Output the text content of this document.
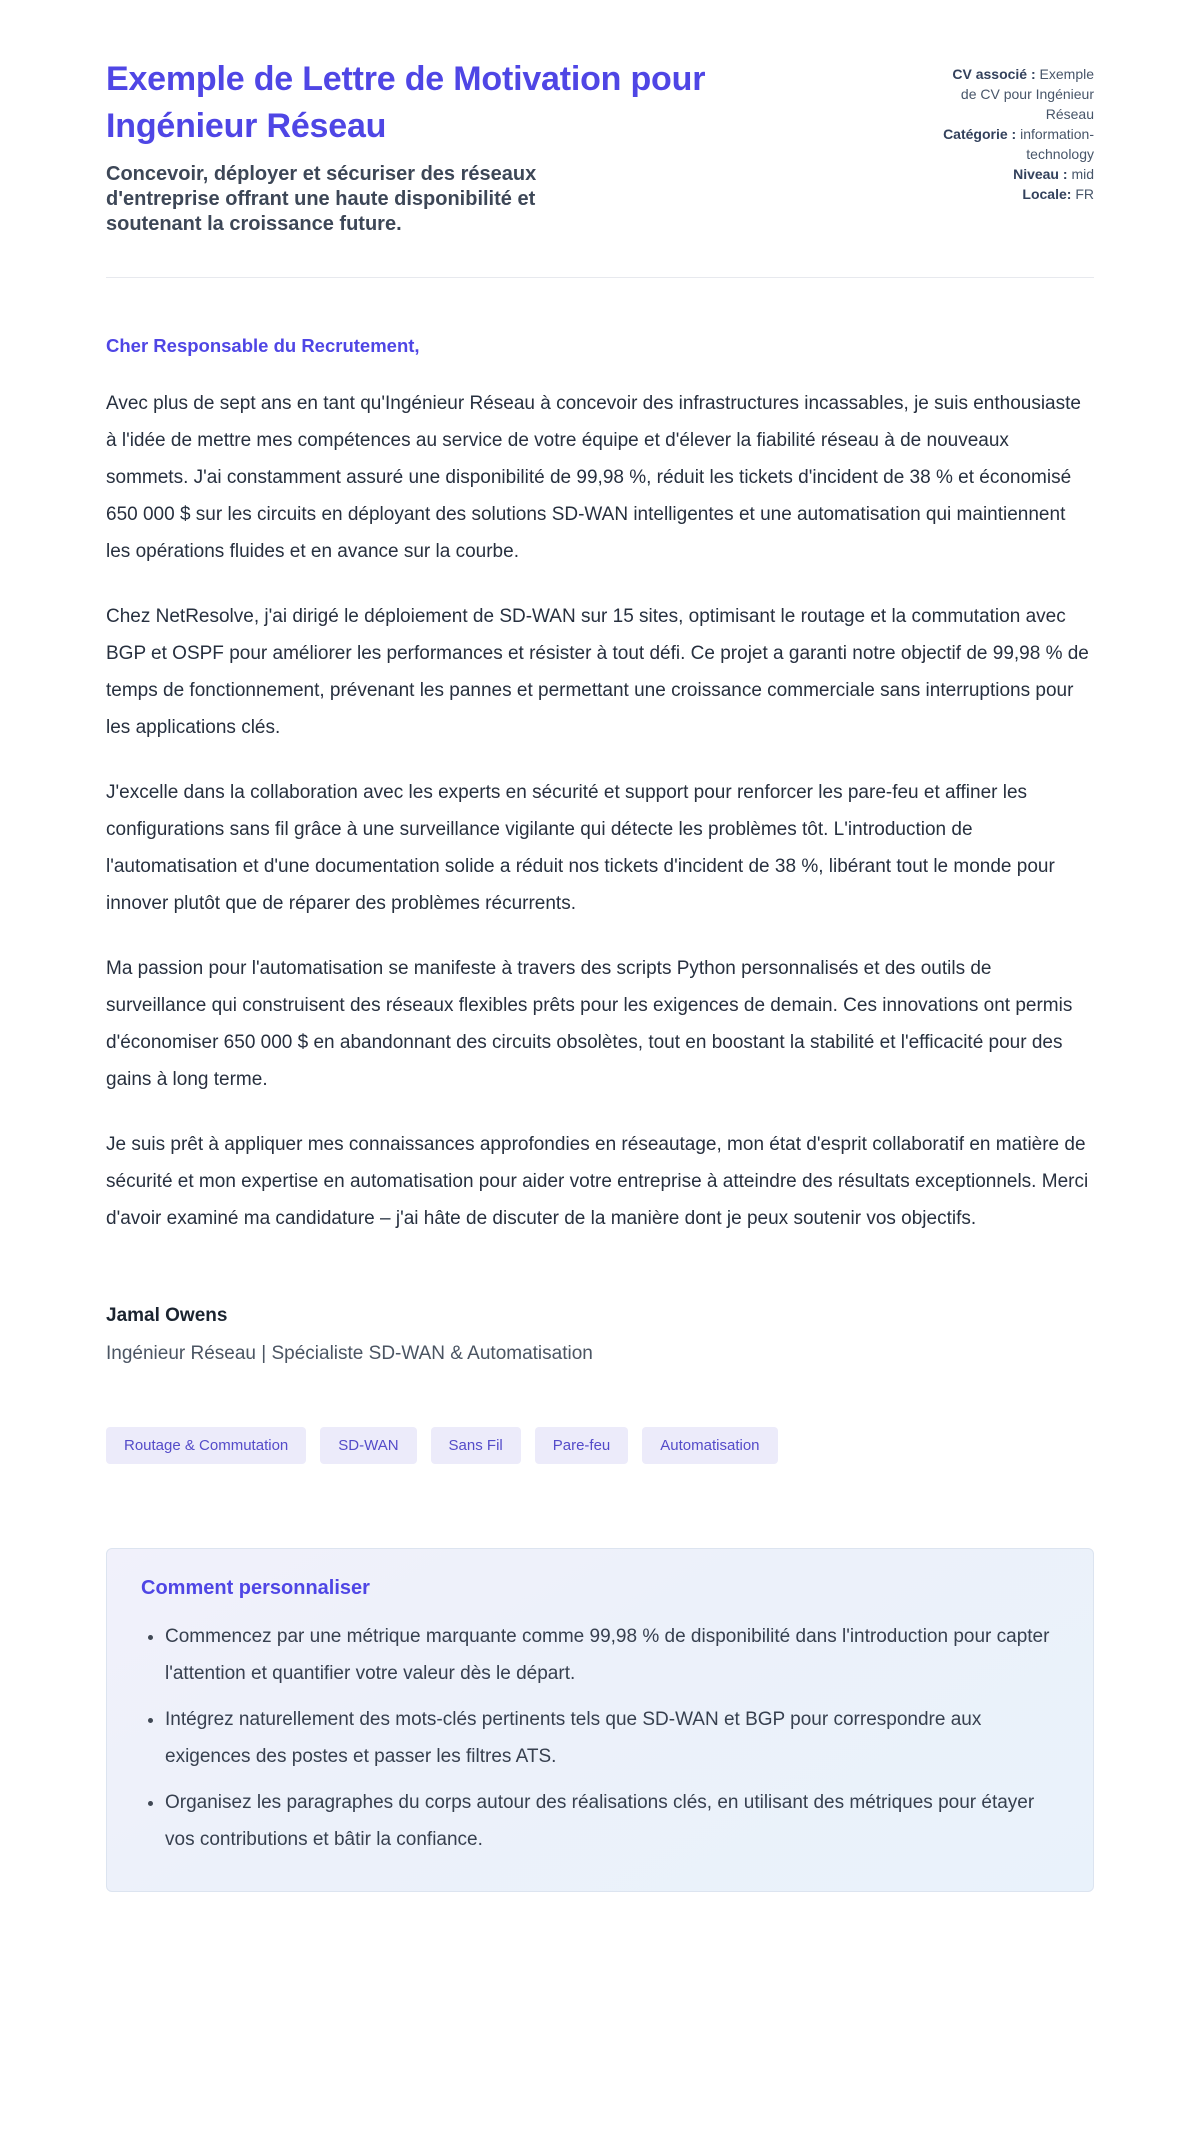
Exemple de Lettre de Motivation pour Ingénieur Réseau

Concevoir, déployer et sécuriser des réseaux d'entreprise offrant une haute disponibilité et soutenant la croissance future.

CV associé : Exemple de CV pour Ingénieur Réseau
Catégorie : information-technology
Niveau : mid
Locale: FR

Cher Responsable du Recrutement,

Avec plus de sept ans en tant qu'Ingénieur Réseau à concevoir des infrastructures incassables, je suis enthousiaste à l'idée de mettre mes compétences au service de votre équipe et d'élever la fiabilité réseau à de nouveaux sommets. J'ai constamment assuré une disponibilité de 99,98 %, réduit les tickets d'incident de 38 % et économisé 650 000 $ sur les circuits en déployant des solutions SD-WAN intelligentes et une automatisation qui maintiennent les opérations fluides et en avance sur la courbe.

Chez NetResolve, j'ai dirigé le déploiement de SD-WAN sur 15 sites, optimisant le routage et la commutation avec BGP et OSPF pour améliorer les performances et résister à tout défi. Ce projet a garanti notre objectif de 99,98 % de temps de fonctionnement, prévenant les pannes et permettant une croissance commerciale sans interruptions pour les applications clés.

J'excelle dans la collaboration avec les experts en sécurité et support pour renforcer les pare-feu et affiner les configurations sans fil grâce à une surveillance vigilante qui détecte les problèmes tôt. L'introduction de l'automatisation et d'une documentation solide a réduit nos tickets d'incident de 38 %, libérant tout le monde pour innover plutôt que de réparer des problèmes récurrents.

Ma passion pour l'automatisation se manifeste à travers des scripts Python personnalisés et des outils de surveillance qui construisent des réseaux flexibles prêts pour les exigences de demain. Ces innovations ont permis d'économiser 650 000 $ en abandonnant des circuits obsolètes, tout en boostant la stabilité et l'efficacité pour des gains à long terme.

Je suis prêt à appliquer mes connaissances approfondies en réseautage, mon état d'esprit collaboratif en matière de sécurité et mon expertise en automatisation pour aider votre entreprise à atteindre des résultats exceptionnels. Merci d'avoir examiné ma candidature – j'ai hâte de discuter de la manière dont je peux soutenir vos objectifs.

Jamal Owens

Ingénieur Réseau | Spécialiste SD-WAN & Automatisation

Routage & Commutation	SD-WAN	Sans Fil	Pare-feu	Automatisation
Comment personnaliser
• Commencez par une métrique marquante comme 99,98 % de disponibilité dans l'introduction pour capter l'attention et quantifier votre valeur dès le départ.
• Intégrez naturellement des mots-clés pertinents tels que SD-WAN et BGP pour correspondre aux exigences des postes et passer les filtres ATS.
• Organisez les paragraphes du corps autour des réalisations clés, en utilisant des métriques pour étayer vos contributions et bâtir la confiance.
